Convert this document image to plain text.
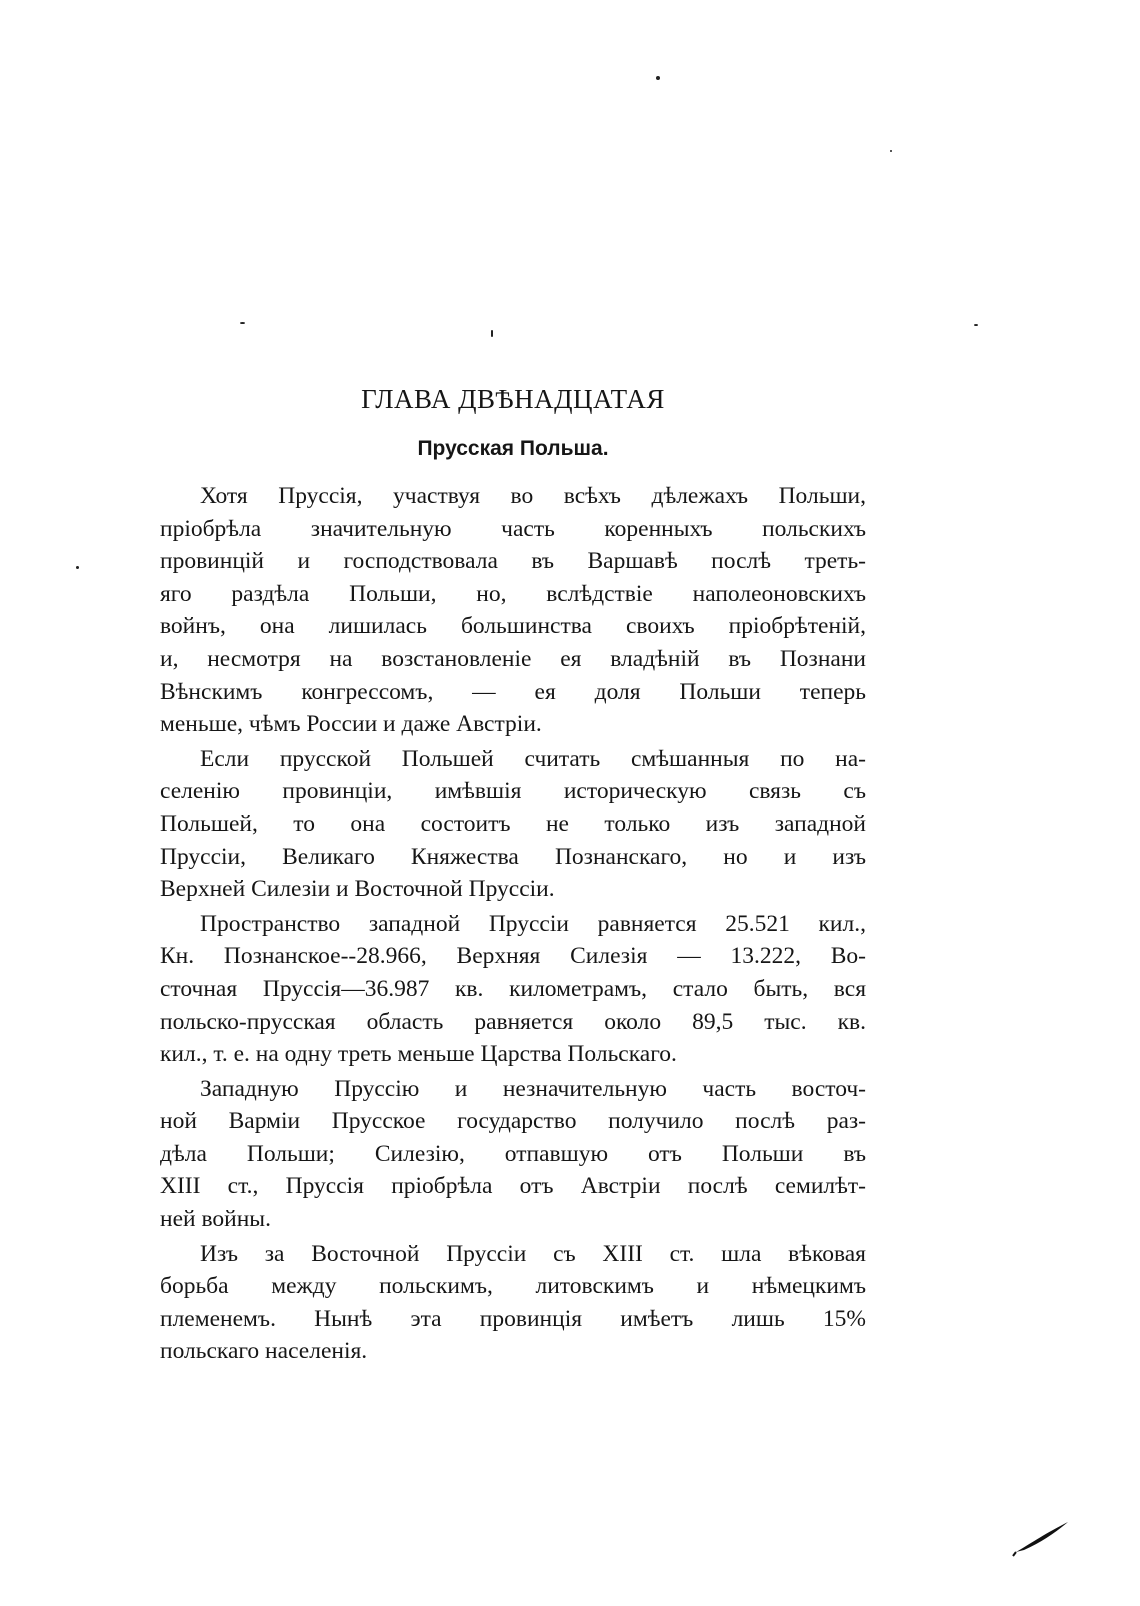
ГЛАВА ДВѢНАДЦАТАЯ
Прусская Польша.

Хотя Пруссія, участвуя во всѣхъ дѣлежахъ Польши,
пріобрѣла значительную часть коренныхъ польскихъ
провинцій и господствовала въ Варшавѣ послѣ треть-
яго раздѣла Польши, но, вслѣдствіе наполеоновскихъ
войнъ, она лишилась большинства своихъ пріобрѣтеній,
и, несмотря на возстановленіе ея владѣній въ Познани
Вѣнскимъ конгрессомъ, — ея доля Польши теперь
меньше, чѣмъ России и даже Австріи.

Если прусской Польшей считать смѣшанныя по на-
селенію провинціи, имѣвшія историческую связь съ
Польшей, то она состоитъ не только изъ западной
Пруссіи, Великаго Княжества Познанскаго, но и изъ
Верхней Силезіи и Восточной Пруссіи.

Пространство западной Пруссіи равняется 25.521 кил.,
Кн. Познанское--28.966, Верхняя Силезія — 13.222, Во-
сточная Пруссія—36.987 кв. километрамъ, стало быть, вся
польско-прусская область равняется около 89,5 тыс. кв.
кил., т. е. на одну треть меньше Царства Польскаго.

Западную Пруссію и незначительную часть восточ-
ной Варміи Прусское государство получило послѣ раз-
дѣла Польши; Силезію, отпавшую отъ Польши въ
XIII ст., Пруссія пріобрѣла отъ Австріи послѣ семилѣт-
ней войны.

Изъ за Восточной Пруссіи съ XIII ст. шла вѣковая
борьба между польскимъ, литовскимъ и нѣмецкимъ
племенемъ. Нынѣ эта провинція имѣетъ лишь 15%
польскаго населенія.
